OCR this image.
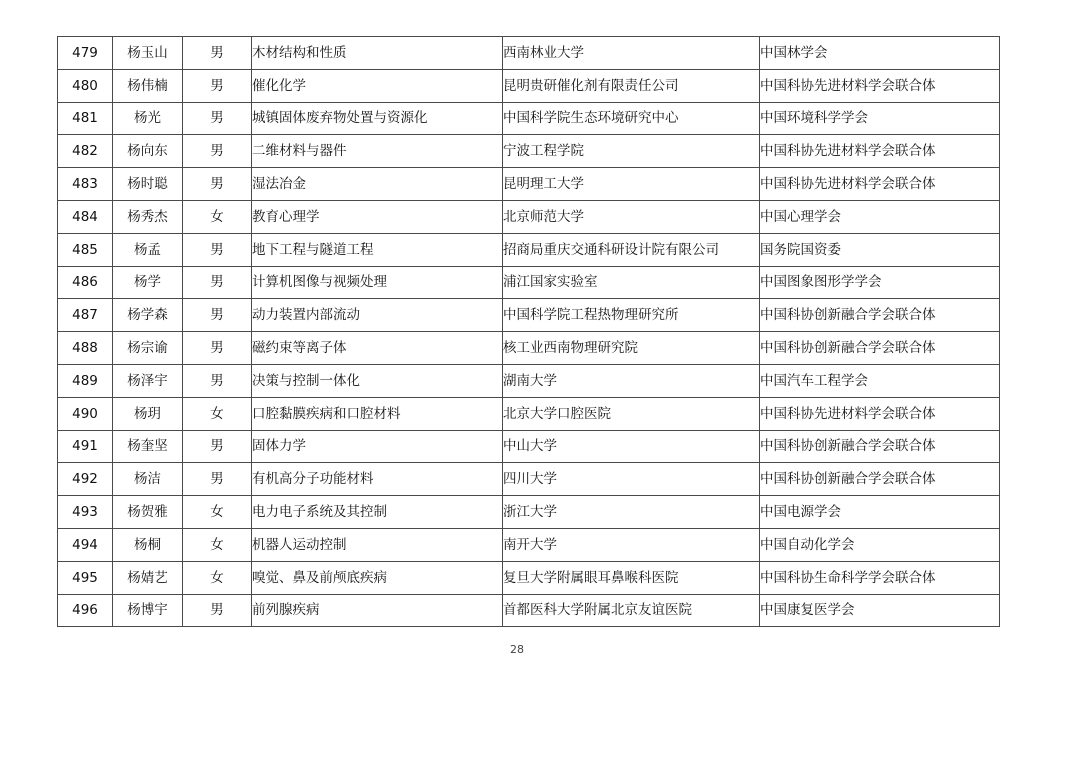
479	杨玉山	男	木材结构和性质	西南林业大学	中国林学会
480	杨伟楠	男	催化化学	昆明贵研催化剂有限责任公司	中国科协先进材料学会联合体
481	杨光	男	城镇固体废弃物处置与资源化	中国科学院生态环境研究中心	中国环境科学学会
482	杨向东	男	二维材料与器件	宁波工程学院	中国科协先进材料学会联合体
483	杨时聪	男	湿法冶金	昆明理工大学	中国科协先进材料学会联合体
484	杨秀杰	女	教育心理学	北京师范大学	中国心理学会
485	杨孟	男	地下工程与隧道工程	招商局重庆交通科研设计院有限公司	国务院国资委
486	杨学	男	计算机图像与视频处理	浦江国家实验室	中国图象图形学学会
487	杨学森	男	动力装置内部流动	中国科学院工程热物理研究所	中国科协创新融合学会联合体
488	杨宗谕	男	磁约束等离子体	核工业西南物理研究院	中国科协创新融合学会联合体
489	杨泽宇	男	决策与控制一体化	湖南大学	中国汽车工程学会
490	杨玥	女	口腔黏膜疾病和口腔材料	北京大学口腔医院	中国科协先进材料学会联合体
491	杨奎坚	男	固体力学	中山大学	中国科协创新融合学会联合体
492	杨洁	男	有机高分子功能材料	四川大学	中国科协创新融合学会联合体
493	杨贺雅	女	电力电子系统及其控制	浙江大学	中国电源学会
494	杨桐	女	机器人运动控制	南开大学	中国自动化学会
495	杨婧艺	女	嗅觉、鼻及前颅底疾病	复旦大学附属眼耳鼻喉科医院	中国科协生命科学学会联合体
496	杨博宇	男	前列腺疾病	首都医科大学附属北京友谊医院	中国康复医学会
28
